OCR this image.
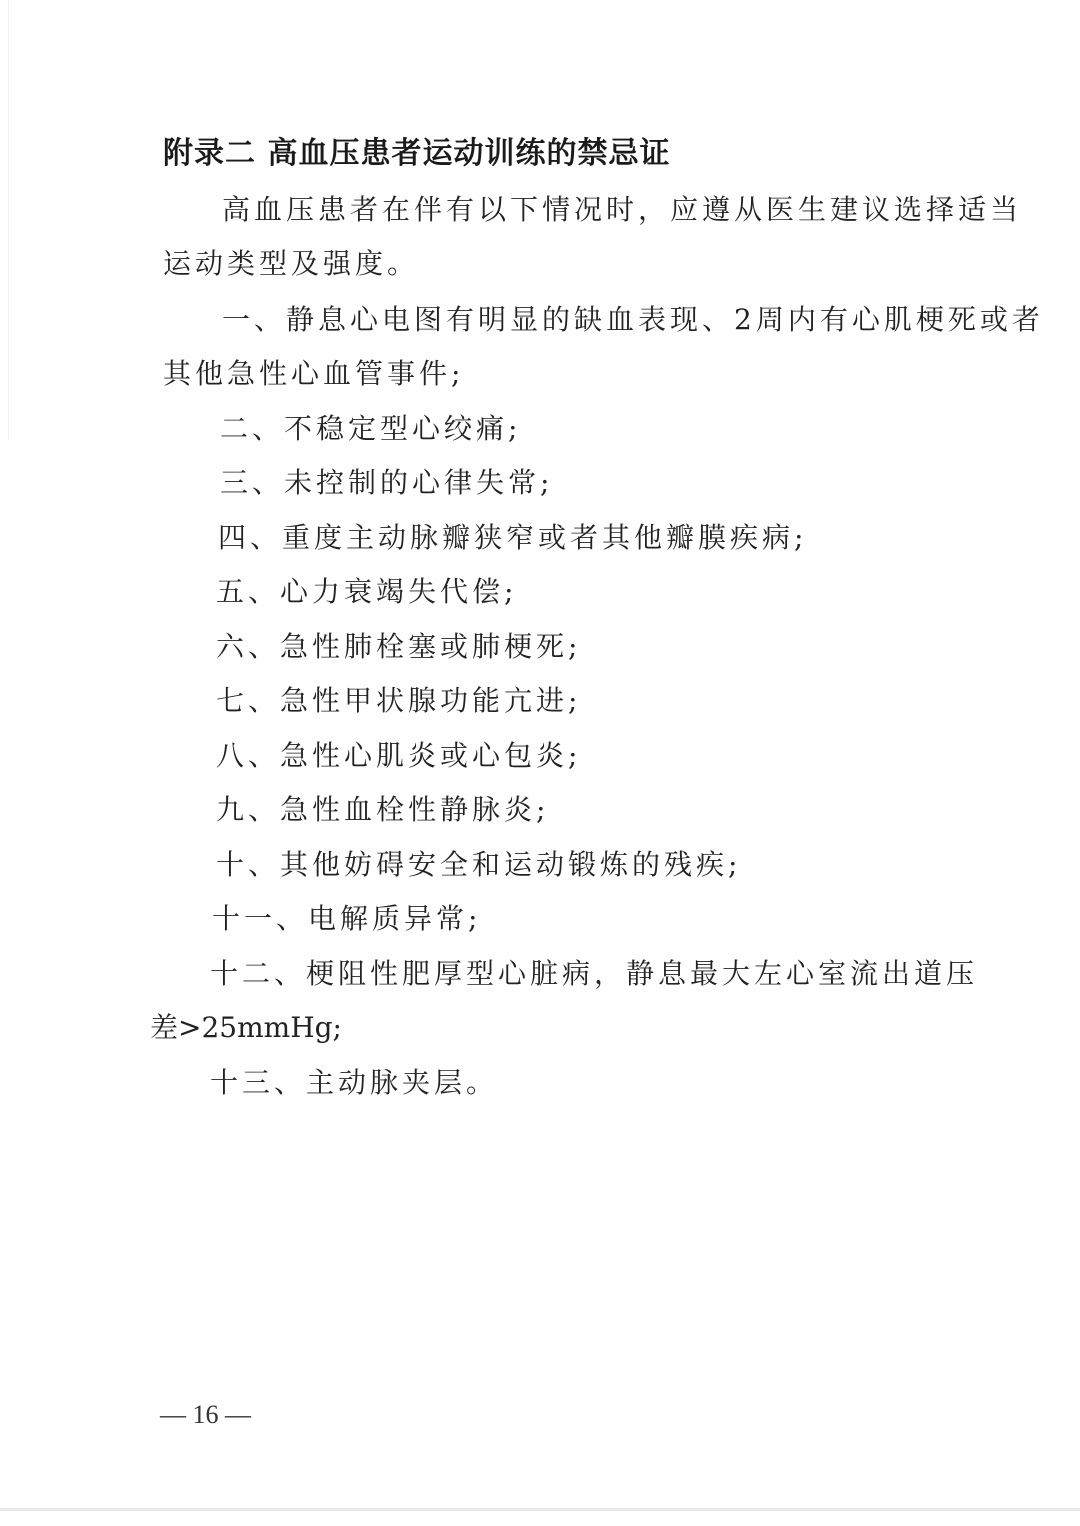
附录二 高血压患者运动训练的禁忌证
高血压患者在伴有以下情况时，应遵从医生建议选择适当
运动类型及强度。
一、静息心电图有明显的缺血表现、2周内有心肌梗死或者
其他急性心血管事件;
二、不稳定型心绞痛;
三、未控制的心律失常;
四、重度主动脉瓣狭窄或者其他瓣膜疾病;
五、心力衰竭失代偿;
六、急性肺栓塞或肺梗死;
七、急性甲状腺功能亢进;
八、急性心肌炎或心包炎;
九、急性血栓性静脉炎;
十、其他妨碍安全和运动锻炼的残疾;
十一、电解质异常;
十二、梗阻性肥厚型心脏病，静息最大左心室流出道压
差>25mmHg;
十三、主动脉夹层。
— 16 —
